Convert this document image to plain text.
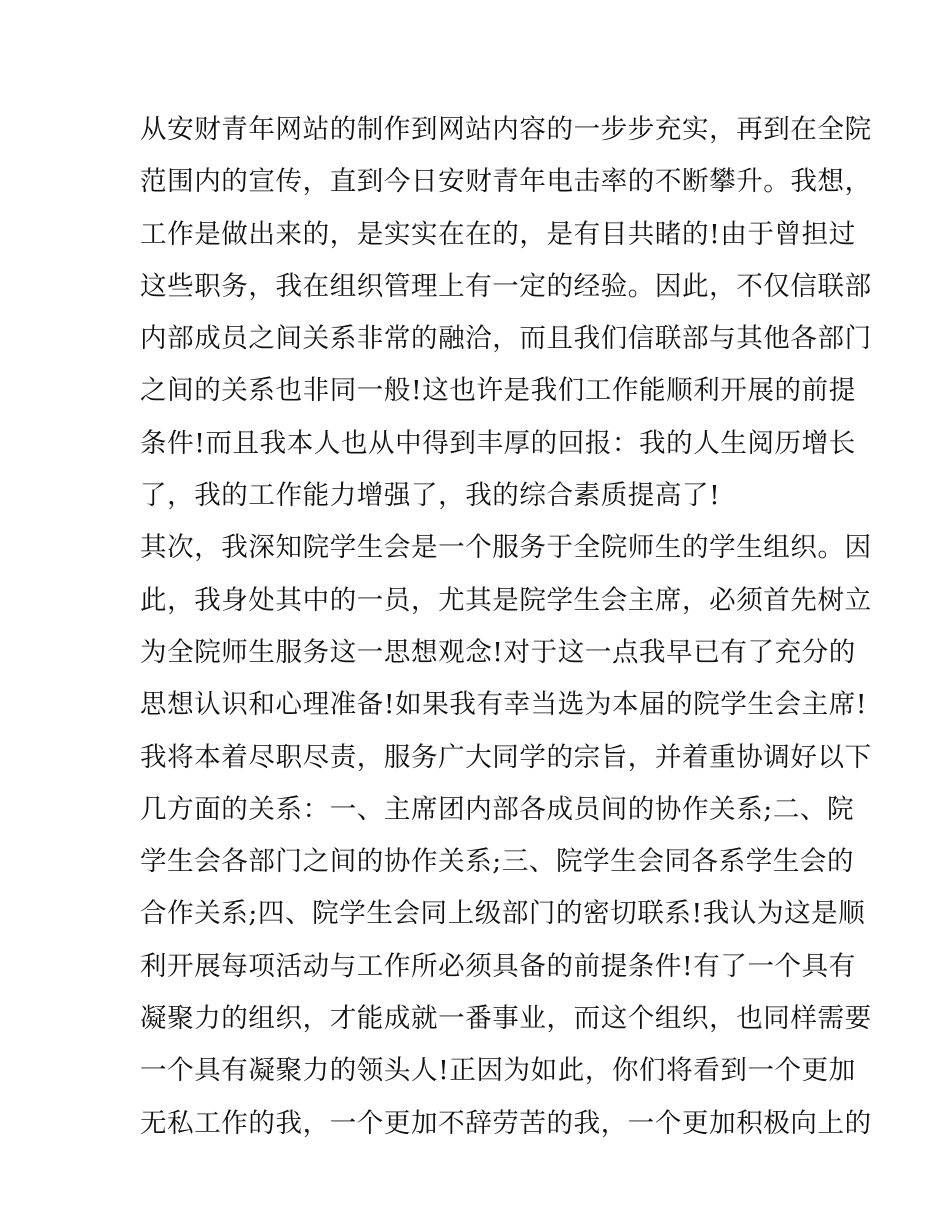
从安财青年网站的制作到网站内容的一步步充实，再到在全院
范围内的宣传，直到今日安财青年电击率的不断攀升。我想，
工作是做出来的，是实实在在的，是有目共睹的!由于曾担过
这些职务，我在组织管理上有一定的经验。因此，不仅信联部
内部成员之间关系非常的融洽，而且我们信联部与其他各部门
之间的关系也非同一般!这也许是我们工作能顺利开展的前提
条件!而且我本人也从中得到丰厚的回报：我的人生阅历增长
了，我的工作能力增强了，我的综合素质提高了!
其次，我深知院学生会是一个服务于全院师生的学生组织。因
此，我身处其中的一员，尤其是院学生会主席，必须首先树立
为全院师生服务这一思想观念!对于这一点我早已有了充分的
思想认识和心理准备!如果我有幸当选为本届的院学生会主席!
我将本着尽职尽责，服务广大同学的宗旨，并着重协调好以下
几方面的关系：一、主席团内部各成员间的协作关系;二、院
学生会各部门之间的协作关系;三、院学生会同各系学生会的
合作关系;四、院学生会同上级部门的密切联系!我认为这是顺
利开展每项活动与工作所必须具备的前提条件!有了一个具有
凝聚力的组织，才能成就一番事业，而这个组织，也同样需要
一个具有凝聚力的领头人!正因为如此，你们将看到一个更加
无私工作的我，一个更加不辞劳苦的我，一个更加积极向上的
